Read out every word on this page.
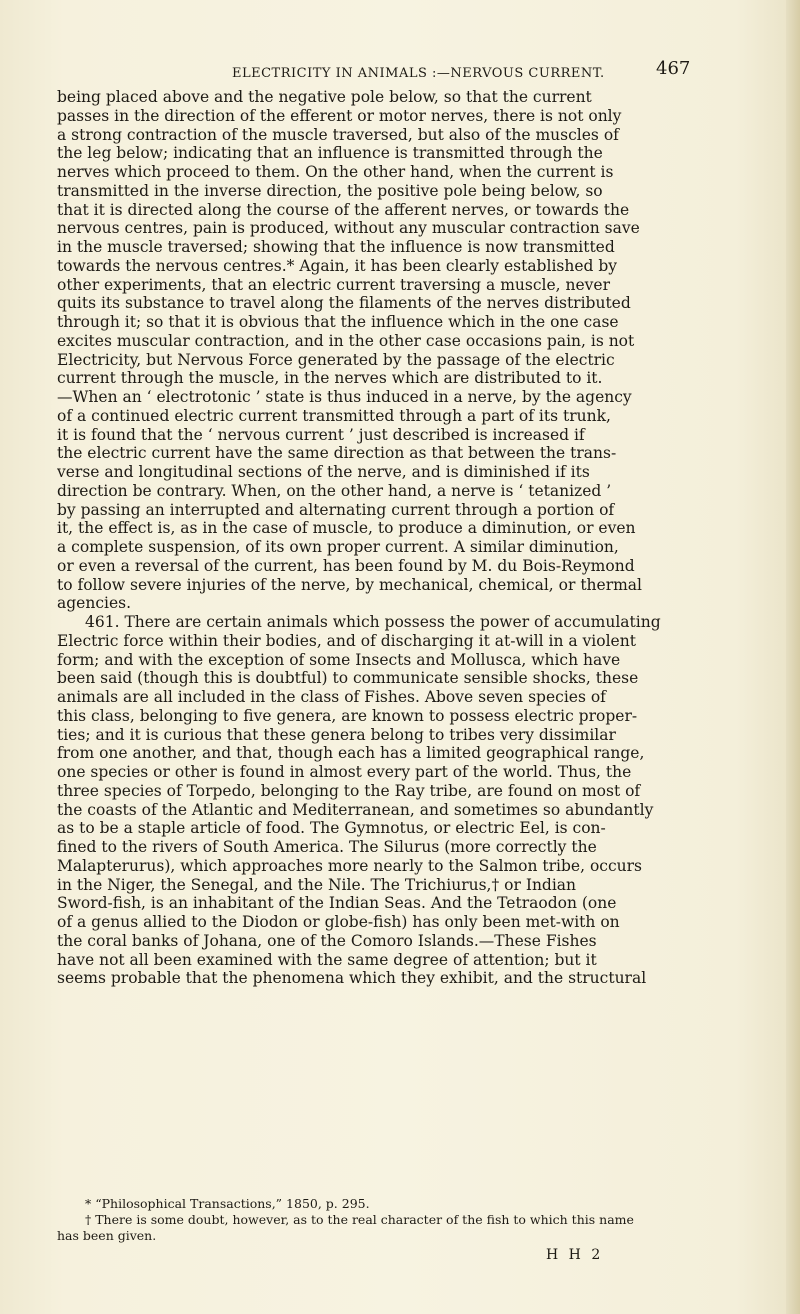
ELECTRICITY IN ANIMALS :—NERVOUS CURRENT.	467
being placed above and the negative pole below, so that the current
passes in the direction of the efferent or motor nerves, there is not only
a strong contraction of the muscle traversed, but also of the muscles of
the leg below; indicating that an influence is transmitted through the
nerves which proceed to them. On the other hand, when the current is
transmitted in the inverse direction, the positive pole being below, so
that it is directed along the course of the afferent nerves, or towards the
nervous centres, pain is produced, without any muscular contraction save
in the muscle traversed; showing that the influence is now transmitted
towards the nervous centres.* Again, it has been clearly established by
other experiments, that an electric current traversing a muscle, never
quits its substance to travel along the filaments of the nerves distributed
through it; so that it is obvious that the influence which in the one case
excites muscular contraction, and in the other case occasions pain, is not
Electricity, but Nervous Force generated by the passage of the electric
current through the muscle, in the nerves which are distributed to it.
—When an ‘ electrotonic ’ state is thus induced in a nerve, by the agency
of a continued electric current transmitted through a part of its trunk,
it is found that the ‘ nervous current ’ just described is increased if
the electric current have the same direction as that between the trans-
verse and longitudinal sections of the nerve, and is diminished if its
direction be contrary. When, on the other hand, a nerve is ‘ tetanized ’
by passing an interrupted and alternating current through a portion of
it, the effect is, as in the case of muscle, to produce a diminution, or even
a complete suspension, of its own proper current. A similar diminution,
or even a reversal of the current, has been found by M. du Bois-Reymond
to follow severe injuries of the nerve, by mechanical, chemical, or thermal
agencies.
461. There are certain animals which possess the power of accumulating
Electric force within their bodies, and of discharging it at-will in a violent
form; and with the exception of some Insects and Mollusca, which have
been said (though this is doubtful) to communicate sensible shocks, these
animals are all included in the class of Fishes. Above seven species of
this class, belonging to five genera, are known to possess electric proper-
ties; and it is curious that these genera belong to tribes very dissimilar
from one another, and that, though each has a limited geographical range,
one species or other is found in almost every part of the world. Thus, the
three species of Torpedo, belonging to the Ray tribe, are found on most of
the coasts of the Atlantic and Mediterranean, and sometimes so abundantly
as to be a staple article of food. The Gymnotus, or electric Eel, is con-
fined to the rivers of South America. The Silurus (more correctly the
Malapterurus), which approaches more nearly to the Salmon tribe, occurs
in the Niger, the Senegal, and the Nile. The Trichiurus,† or Indian
Sword-fish, is an inhabitant of the Indian Seas. And the Tetraodon (one
of a genus allied to the Diodon or globe-fish) has only been met-with on
the coral banks of Johana, one of the Comoro Islands.—These Fishes
have not all been examined with the same degree of attention; but it
seems probable that the phenomena which they exhibit, and the structural
* “Philosophical Transactions,” 1850, p. 295.
† There is some doubt, however, as to the real character of the fish to which this name
has been given.
H H 2
